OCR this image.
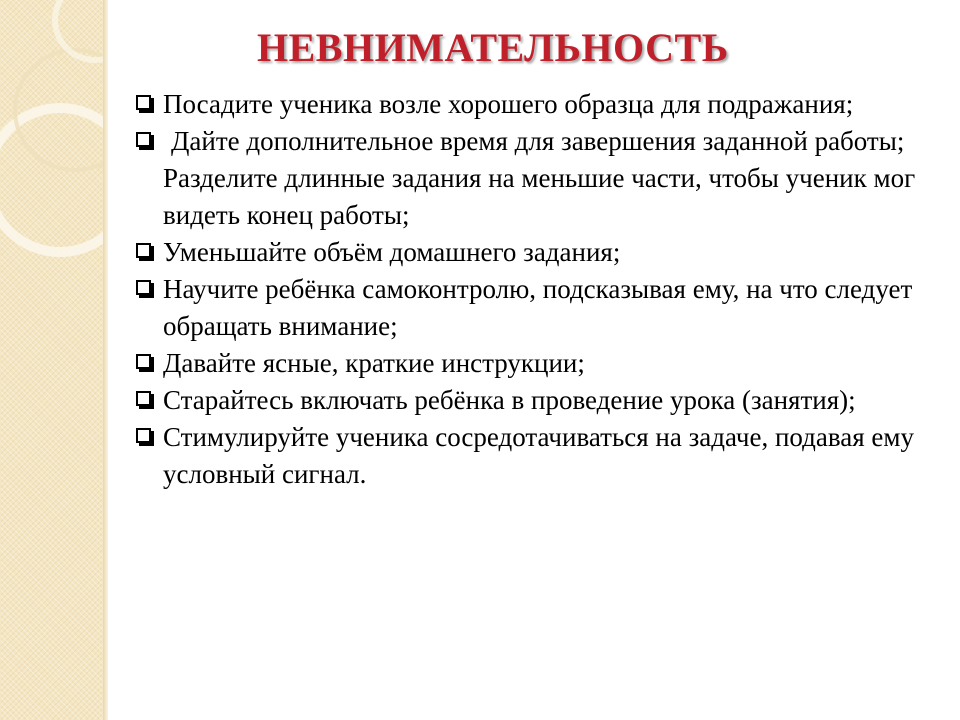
НЕВНИМАТЕЛЬНОСТЬ
Посадите ученика возле хорошего образца для подражания;
Дайте дополнительное время для завершения заданной работы; Разделите длинные задания на меньшие части, чтобы ученик мог видеть конец работы;
Уменьшайте объём домашнего задания;
Научите ребёнка самоконтролю, подсказывая ему, на что следует обращать внимание;
Давайте ясные, краткие инструкции;
Старайтесь включать ребёнка в проведение урока (занятия);
Стимулируйте ученика сосредотачиваться на задаче, подавая ему условный сигнал.
